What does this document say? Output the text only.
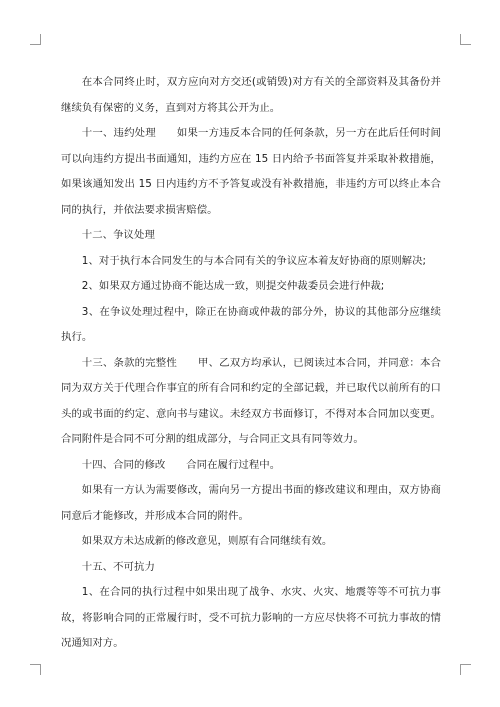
在本合同终止时，双方应向对方交还(或销毁)对方有关的全部资料及其备份并继续负有保密的义务，直到对方将其公开为止。

十一、违约处理　　如果一方违反本合同的任何条款，另一方在此后任何时间可以向违约方提出书面通知，违约方应在 15 日内给予书面答复并采取补救措施，如果该通知发出 15 日内违约方不予答复或没有补救措施，非违约方可以终止本合同的执行，并依法要求损害赔偿。

十二、争议处理

1、对于执行本合同发生的与本合同有关的争议应本着友好协商的原则解决;

2、如果双方通过协商不能达成一致，则提交仲裁委员会进行仲裁;

3、在争议处理过程中，除正在协商或仲裁的部分外，协议的其他部分应继续执行。

十三、条款的完整性　　甲、乙双方均承认，已阅读过本合同，并同意：本合同为双方关于代理合作事宜的所有合同和约定的全部记载，并已取代以前所有的口头的或书面的约定、意向书与建议。未经双方书面修订，不得对本合同加以变更。合同附件是合同不可分割的组成部分，与合同正文具有同等效力。

十四、合同的修改　　合同在履行过程中。

如果有一方认为需要修改，需向另一方提出书面的修改建议和理由，双方协商同意后才能修改，并形成本合同的附件。

如果双方未达成新的修改意见，则原有合同继续有效。

十五、不可抗力

1、在合同的执行过程中如果出现了战争、水灾、火灾、地震等等不可抗力事故，将影响合同的正常履行时，受不可抗力影响的一方应尽快将不可抗力事故的情况通知对方。
